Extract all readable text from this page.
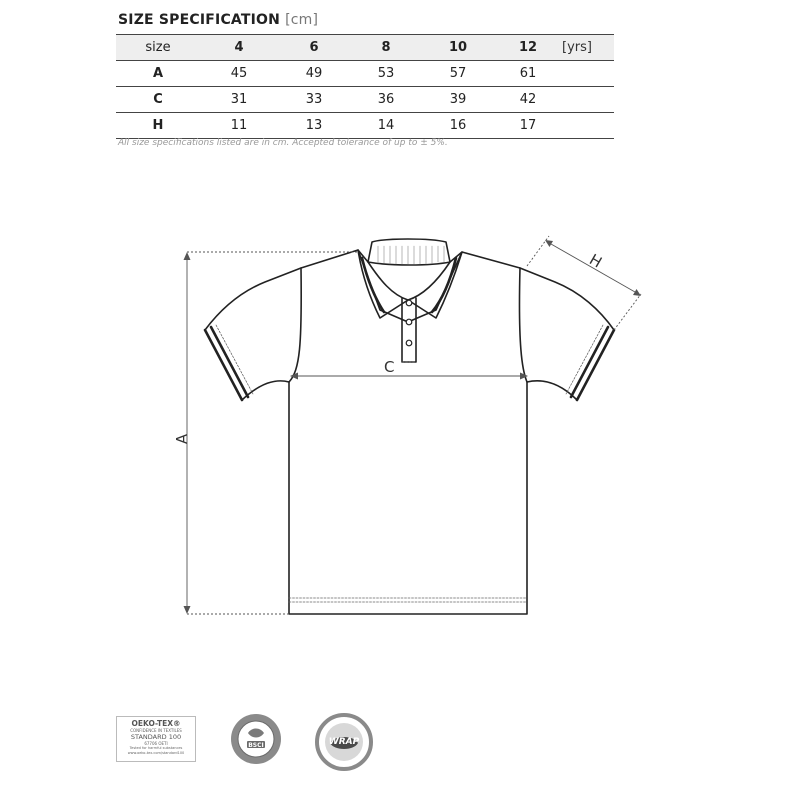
SIZE SPECIFICATION [cm]
size	4	6	8	10	12	[yrs]
A	45	49	53	57	61	
C	31	33	36	39	42	
H	11	13	14	16	17	
All size specifications listed are in cm. Accepted tolerance of up to ± 5%.
A
C
H
OEKO-TEX®
CONFIDENCE IN TEXTILES
STANDARD 100
67706 OETI
Tested for harmful substances
www.oeko-tex.com/standard100
BSCI	WRAP
